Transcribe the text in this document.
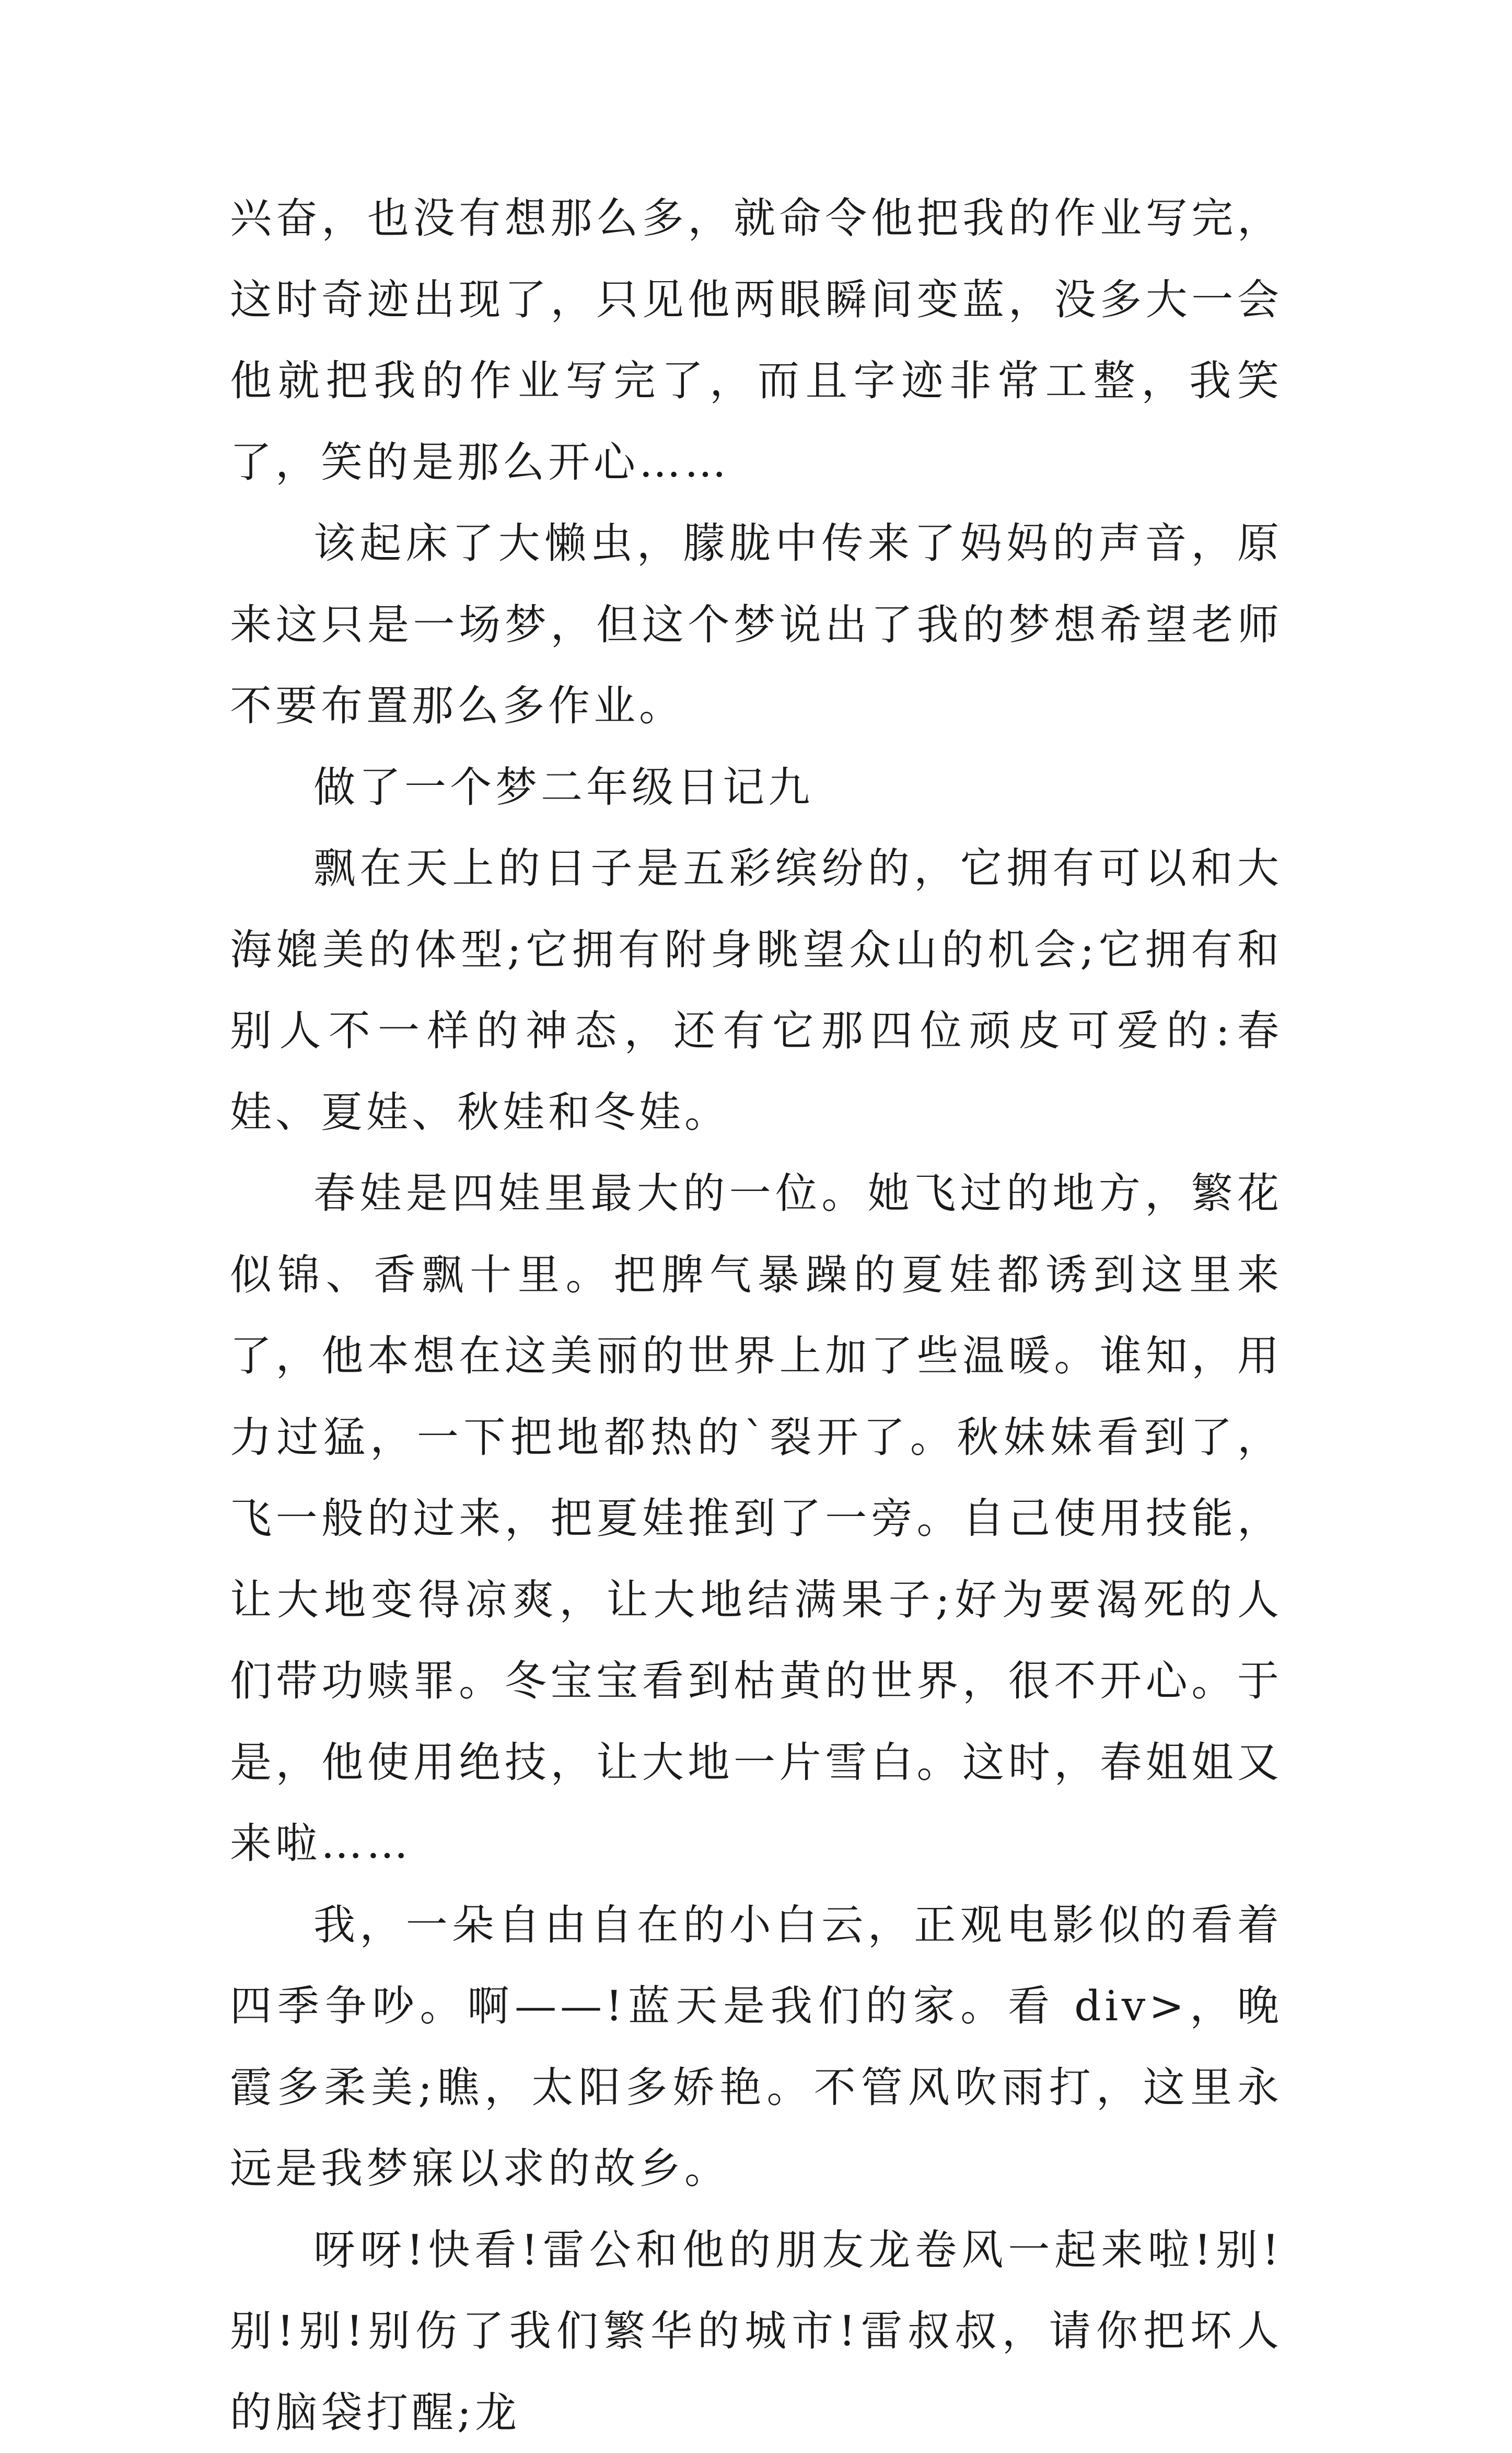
兴奋，也没有想那么多，就命令他把我的作业写完，这时奇迹出现了，只见他两眼瞬间变蓝，没多大一会他就把我的作业写完了，而且字迹非常工整，我笑了，笑的是那么开心……

该起床了大懒虫，朦胧中传来了妈妈的声音，原来这只是一场梦，但这个梦说出了我的梦想希望老师不要布置那么多作业。

做了一个梦二年级日记九

飘在天上的日子是五彩缤纷的，它拥有可以和大海媲美的体型;它拥有附身眺望众山的机会;它拥有和别人不一样的神态，还有它那四位顽皮可爱的:春娃、夏娃、秋娃和冬娃。

春娃是四娃里最大的一位。她飞过的地方，繁花似锦、香飘十里。把脾气暴躁的夏娃都诱到这里来了，他本想在这美丽的世界上加了些温暖。谁知，用力过猛，一下把地都热的`裂开了。秋妹妹看到了，飞一般的过来，把夏娃推到了一旁。自己使用技能，让大地变得凉爽，让大地结满果子;好为要渴死的人们带功赎罪。冬宝宝看到枯黄的世界，很不开心。于是，他使用绝技，让大地一片雪白。这时，春姐姐又来啦……

我，一朵自由自在的小白云，正观电影似的看着四季争吵。啊——!蓝天是我们的家。看 div>，晚霞多柔美;瞧，太阳多娇艳。不管风吹雨打，这里永远是我梦寐以求的故乡。

呀呀!快看!雷公和他的朋友龙卷风一起来啦!别!别!别!别伤了我们繁华的城市!雷叔叔，请你把坏人的脑袋打醒;龙
